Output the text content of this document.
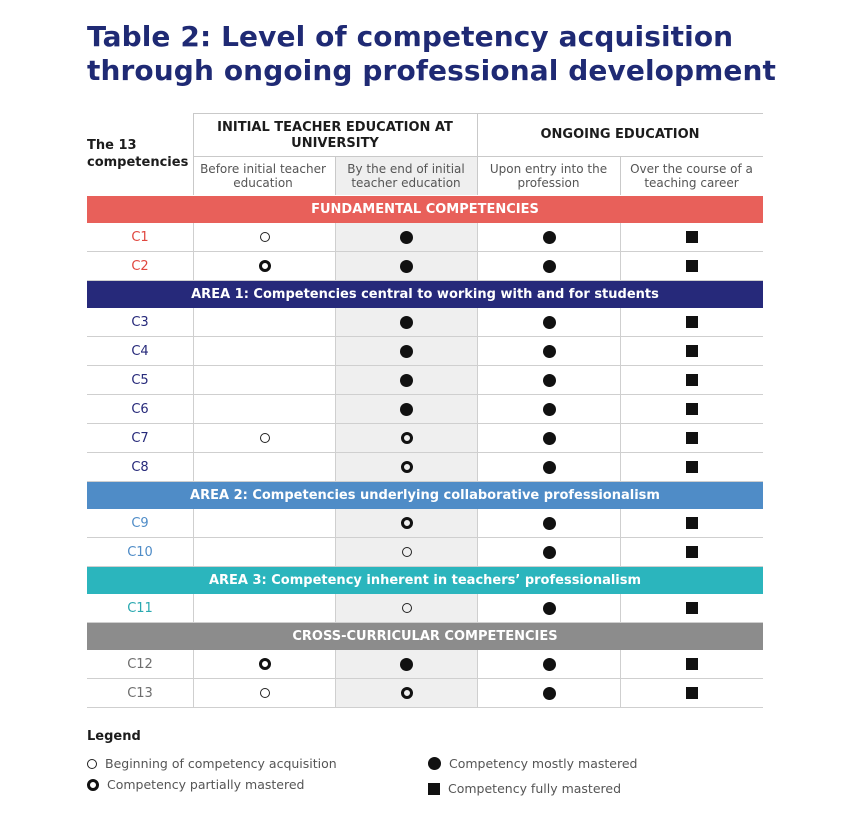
Table 2: Level of competency acquisition
through ongoing professional development
The 13 competencies
INITIAL TEACHER EDUCATION AT UNIVERSITY
ONGOING EDUCATION
Before initial teacher education
By the end of initial teacher education
Upon entry into the profession
Over the course of a teaching career
FUNDAMENTAL COMPETENCIES
C1
C2
AREA 1: Competencies central to working with and for students
C3
C4
C5
C6
C7
C8
AREA 2: Competencies underlying collaborative professionalism
C9
C10
AREA 3: Competency inherent in teachers’ professionalism
C11
CROSS-CURRICULAR COMPETENCIES
C12
C13
Legend
Beginning of competency acquisition
Competency partially mastered
Competency mostly mastered
Competency fully mastered
